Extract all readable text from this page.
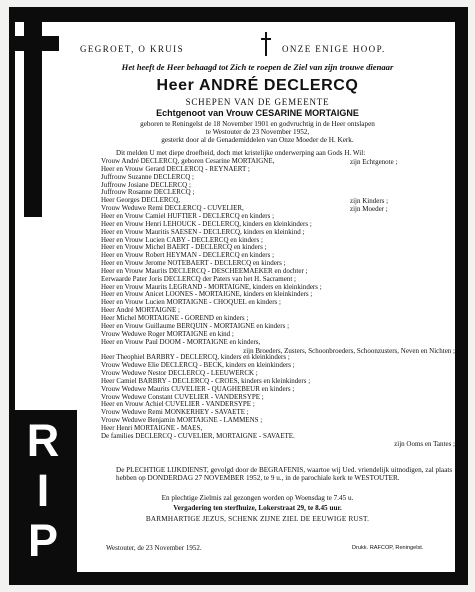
R
I
P
GEGROET, O KRUIS	ONZE ENIGE HOOP.
Het heeft de Heer behaagd tot Zich te roepen de Ziel van zijn trouwe dienaar
Heer ANDRÉ DECLERCQ
SCHEPEN VAN DE GEMEENTE
Echtgenoot van Vrouw CESARINE MORTAIGNE
geboren te Reningelst de 18 November 1901 en godvruchtig in de Heer ontslapen
te Westouter de 23 November 1952,
gesterkt door al de Genademiddelen van Onze Moeder de H. Kerk.
Dit melden U met diepe droefheid, doch met kristelijke onderwerping aan Gods H. Wil:
Vrouw André DECLERCQ, geboren Cesarine MORTAIGNE,
Heer en Vrouw Gerard DECLERCQ - REYNAERT ;
Juffrouw Suzanne DECLERCQ ;
Juffrouw Josiane DECLERCQ ;
Juffrouw Rosanne DECLERCQ ;
Heer Georges DECLERCQ,
Vrouw Weduwe Remi DECLERCQ - CUVELIER,
Heer en Vrouw Camiel HUFTIER - DECLERCQ en kinders ;
Heer en Vrouw Henri LEHOUCK - DECLERCQ, kinders en kleinkinders ;
Heer en Vrouw Mauritis SAESEN - DECLERCQ, kinders en kleinkind ;
Heer en Vrouw Lucien CABY - DECLERCQ en kinders ;
Heer en Vrouw Michel BAERT - DECLERCQ en kinders ;
Heer en Vrouw Robert HEYMAN - DECLERCQ en kinders ;
Heer en Vrouw Jerome NOTEBAERT - DECLERCQ en kinders ;
Heer en Vrouw Maurits DECLERCQ - DESCHEEMAEKER en dochter ;
Eerwaarde Pater Joris DECLERCQ der Paters van het H. Sacrament ;
Heer en Vrouw Maurits LEGRAND - MORTAIGNE, kinders en kleinkinders ;
Heer en Vrouw Anicet LOONES - MORTAIGNE, kinders en kleinkinders ;
Heer en Vrouw Lucien MORTAIGNE - CHOQUEL en kinders ;
Heer André MORTAIGNE ;
Heer Michel MORTAIGNE - GOREND en kinders ;
Heer en Vrouw Guillaume BERQUIN - MORTAIGNE en kinders ;
Vrouw Weduwe Roger MORTAIGNE en kind ;
Heer en Vrouw Paul DOOM - MORTAIGNE en kinders,
Heer Theophiel BARBRY - DECLERCQ, kinders en kleinkinders ;
Vrouw Weduwe Elie DECLERCQ - BECK, kinders en kleinkinders ;
Vrouw Weduwe Nestor DECLERCQ - LEEUWERCK ;
Heer Camiel BARBRY - DECLERCQ - CROES, kinders en kleinkinders ;
Vrouw Weduwe Maurits CUVELIER - QUAGHEBEUR en kinders ;
Vrouw Weduwe Constant CUVELIER - VANDERSYPE ;
Heer en Vrouw Achiel CUVELIER - VANDERSYPE ;
Vrouw Weduwe Remi MONKERHEY - SAVAETE ;
Vrouw Weduwe Benjamin MORTAIGNE - LAMMENS ;
Heer Henri MORTAIGNE - MAES,
De families DECLERCQ - CUVELIER, MORTAIGNE - SAVAETE.
zijn Echtgenote ;
zijn Kinders ;
zijn Moeder ;
zijn Broeders, Zusters, Schoonbroeders, Schoonzusters, Neven en Nichten ;
zijn Ooms en Tantes ;
De PLECHTIGE LIJKDIENST, gevolgd door de BEGRAFENIS, waartoe wij Ued. vriendelijk uitnodigen, zal plaats hebben op DONDERDAG 27 NOVEMBER 1952, te 9 u., in de parochiale kerk te WESTOUTER.
En plechtige Zielmis zal gezongen worden op Woensdag te 7.45 u.
Vergadering ten sterfhuize, Lokerstraat 29, te 8.45 uur.
BARMHARTIGE JEZUS, SCHENK ZIJNE ZIEL DE EEUWIGE RUST.
Westouter, de 23 November 1952.	Drukk. RAFCOP, Reningelst.
